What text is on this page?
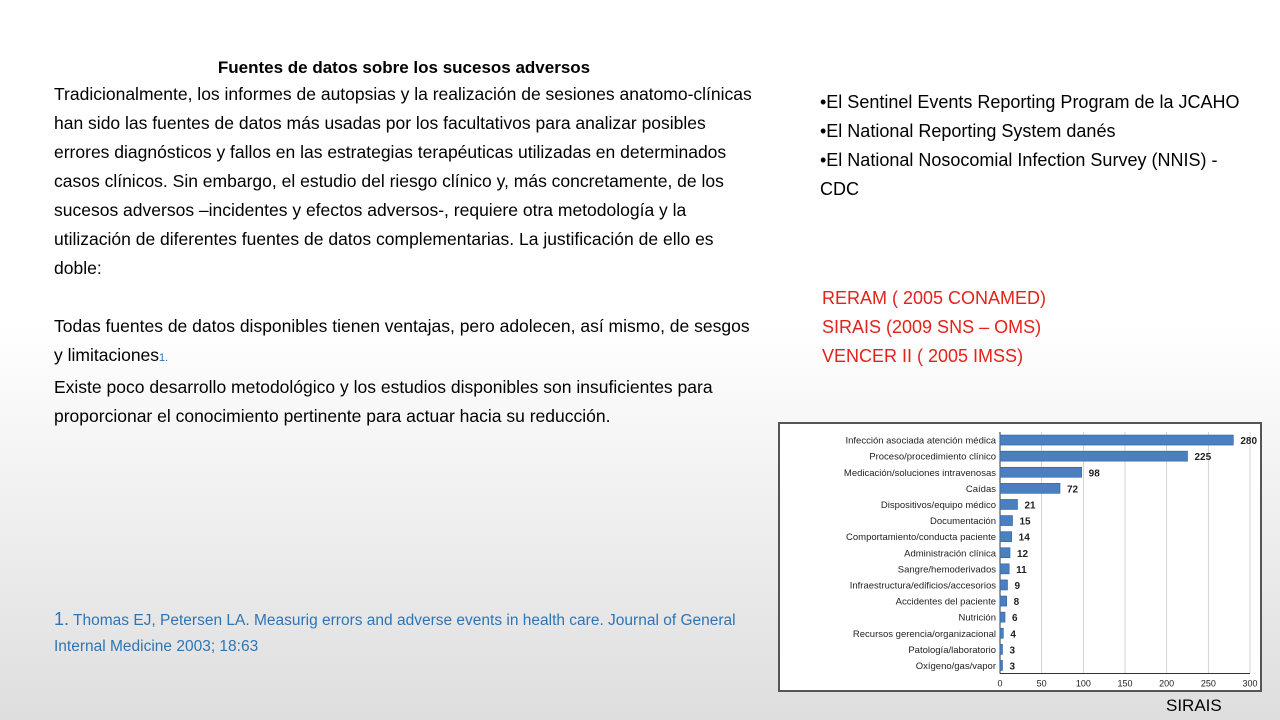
Fuentes de datos sobre los sucesos adversos

Tradicionalmente, los informes de autopsias y la realización de sesiones anatomo-clínicas han sido las fuentes de datos más usadas por los facultativos para analizar posibles errores diagnósticos y fallos en las estrategias terapéuticas utilizadas en determinados casos clínicos. Sin embargo, el estudio del riesgo clínico y, más concretamente, de los sucesos adversos –incidentes y efectos adversos-, requiere otra metodología y la utilización de diferentes fuentes de datos complementarias. La justificación de ello es doble:

Todas fuentes de datos disponibles tienen ventajas, pero adolecen, así mismo, de sesgos y limitaciones1.

Existe poco desarrollo metodológico y los estudios disponibles son insuficientes para proporcionar el conocimiento pertinente para actuar hacia su reducción.

1. Thomas EJ, Petersen LA. Measurig errors and adverse events in health care. Journal of General Internal Medicine 2003; 18:63
•El Sentinel Events Reporting Program de la JCAHO
•El National Reporting System danés
•El National Nosocomial Infection Survey (NNIS) - CDC
RERAM ( 2005 CONAMED)
SIRAIS (2009 SNS – OMS)
VENCER II ( 2005 IMSS)
Infección asociada atención médica	280
Proceso/procedimiento clínico	225
Medicación/soluciones intravenosas	98
Caídas	72
Dispositivos/equipo médico	21
Documentación 15
Comportamiento/conducta paciente 14
Administración clínica 12
Sangre/hemoderivados 11
Infraestructura/edificios/accesorios 9
Accidentes del paciente 8
Nutrición 6
Recursos gerencia/organizacional 4
Patología/laboratorio 3
Oxígeno/gas/vapor 3
0	50	100	150	200	250	300
SIRAIS
